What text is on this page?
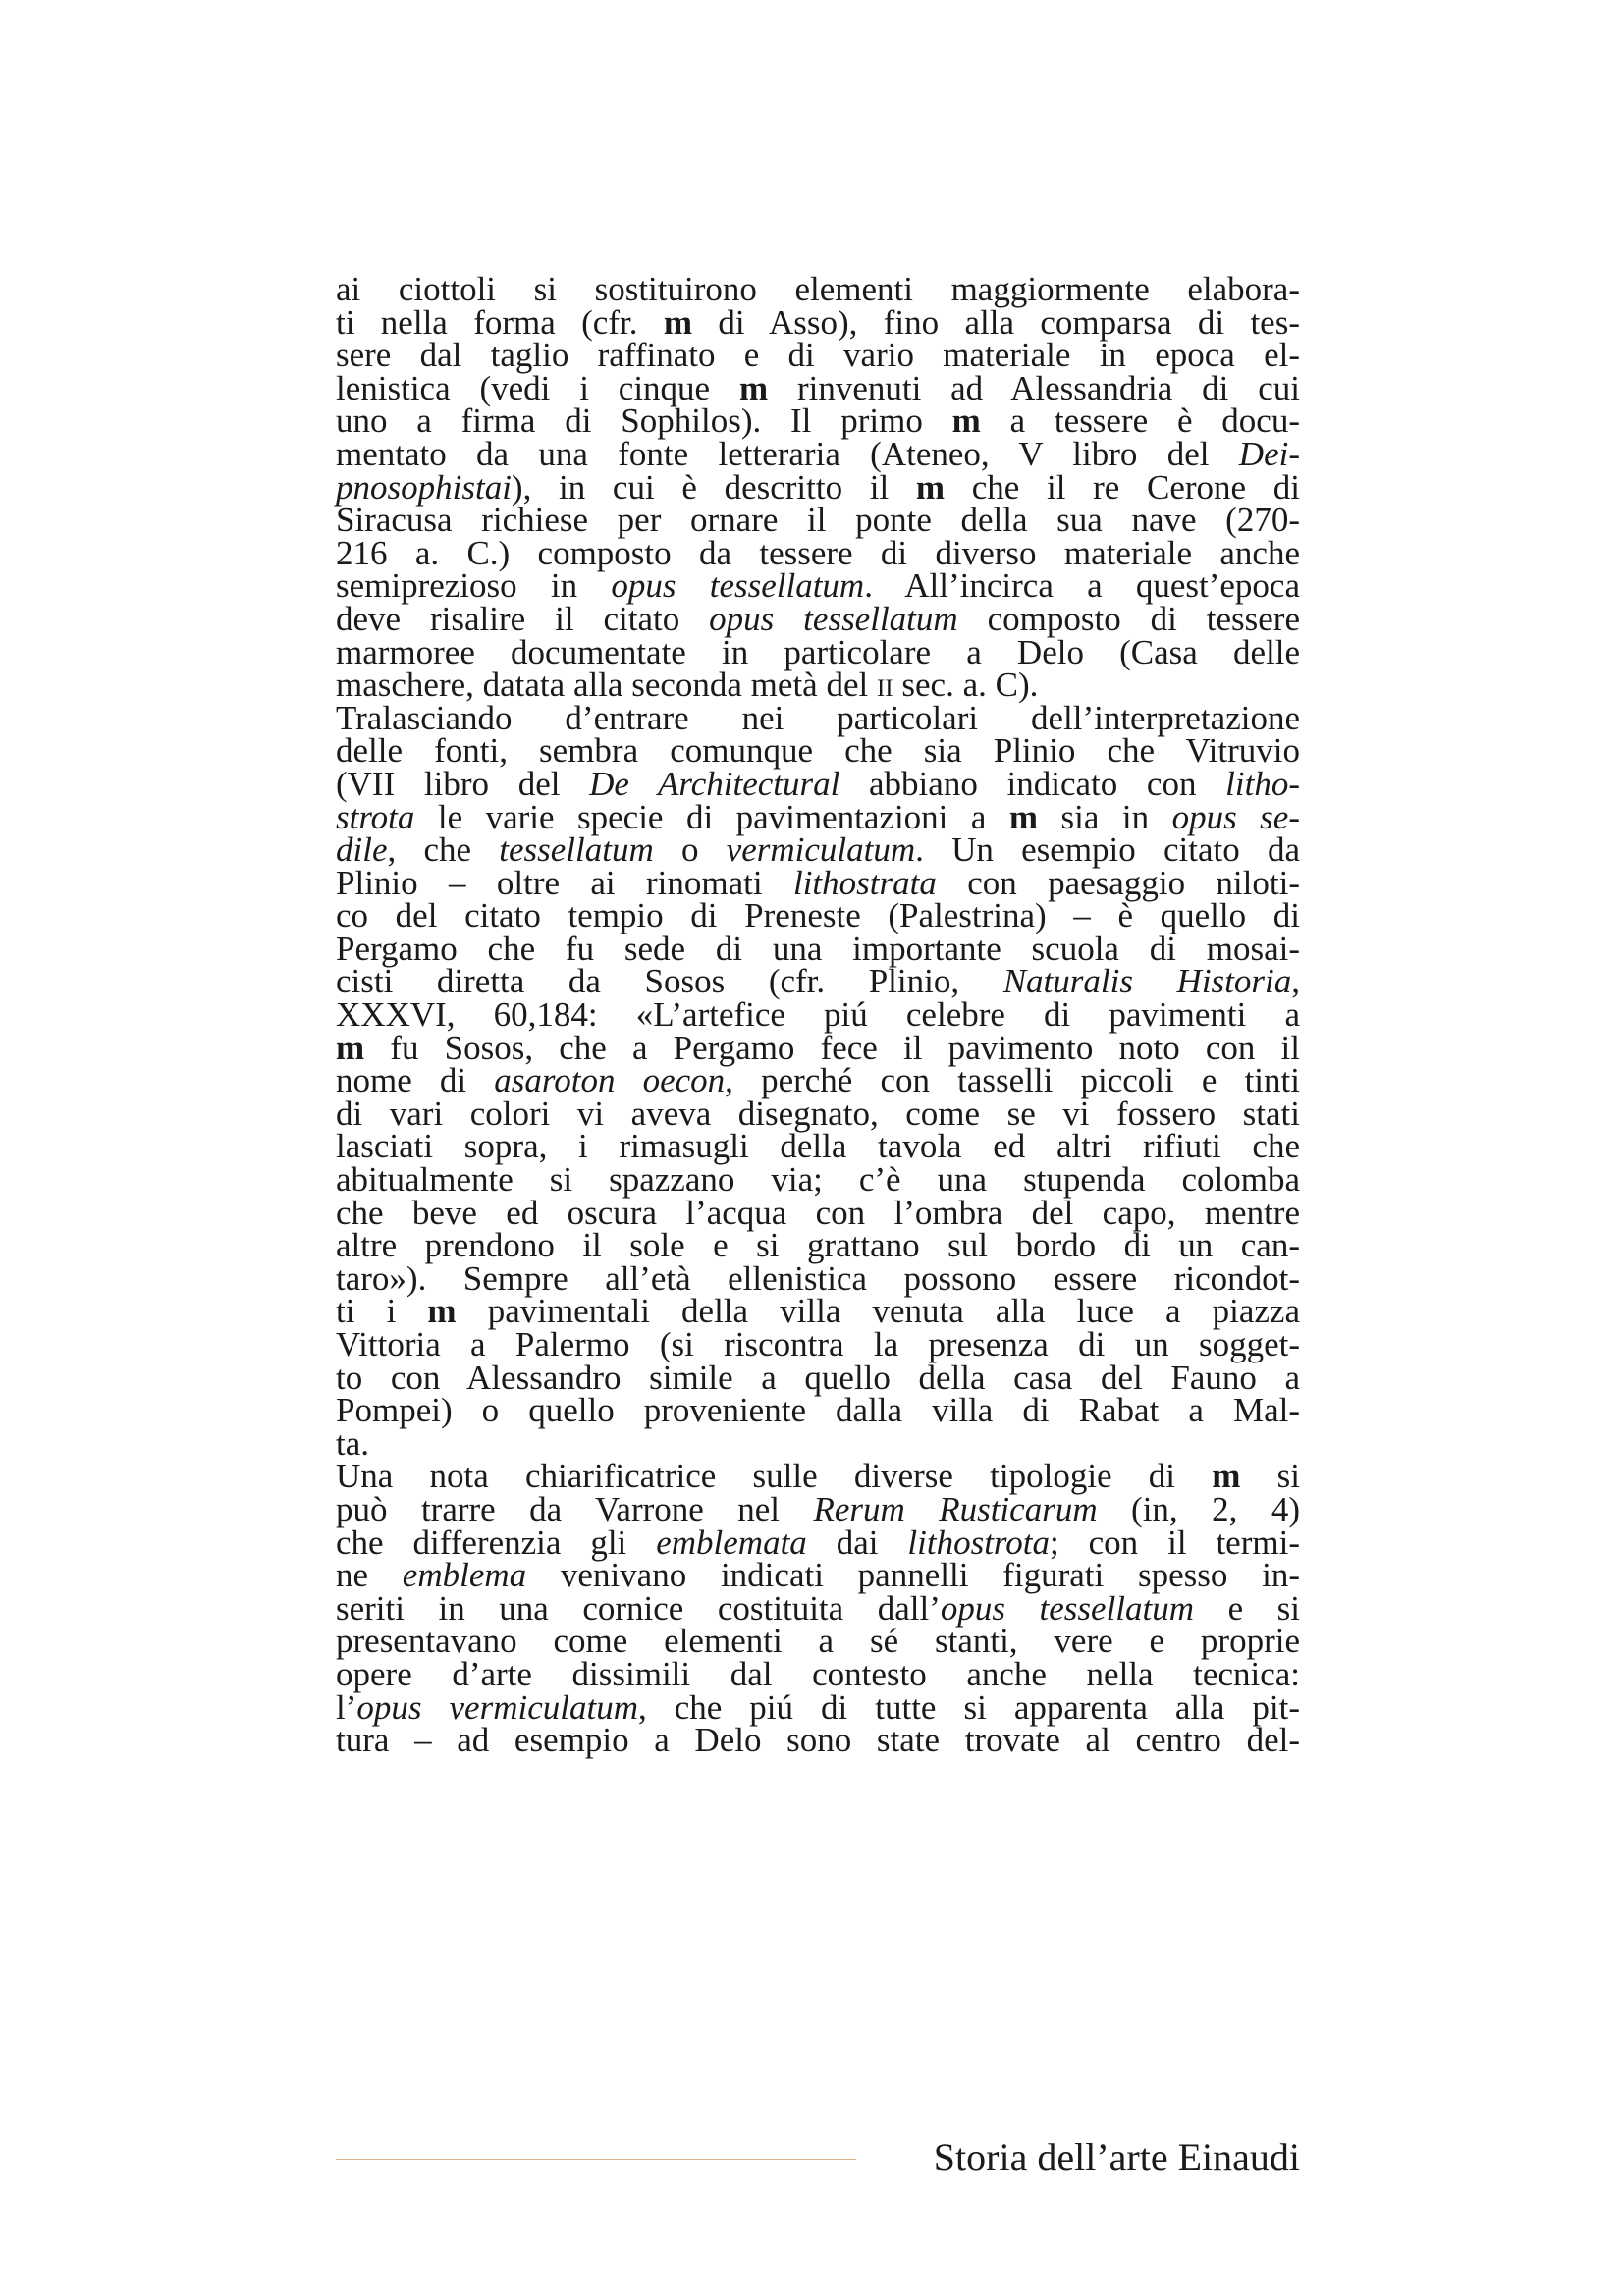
ai ciottoli si sostituirono elementi maggiormente elabora-
ti nella forma (cfr. m di Asso), fino alla comparsa di tes-
sere dal taglio raffinato e di vario materiale in epoca el-
lenistica (vedi i cinque m rinvenuti ad Alessandria di cui
uno a firma di Sophilos). Il primo m a tessere è docu-
mentato da una fonte letteraria (Ateneo, V libro del Dei-
pnosophistai), in cui è descritto il m che il re Cerone di
Siracusa richiese per ornare il ponte della sua nave (270-
216 a. C.) composto da tessere di diverso materiale anche
semiprezioso in opus tessellatum. All’incirca a quest’epoca
deve risalire il citato opus tessellatum composto di tessere
marmoree documentate in particolare a Delo (Casa delle
maschere, datata alla seconda metà del ii sec. a. C).
Tralasciando d’entrare nei particolari dell’interpretazione
delle fonti, sembra comunque che sia Plinio che Vitruvio
(VII libro del De Architectural abbiano indicato con litho-
strota le varie specie di pavimentazioni a m sia in opus se-
dile, che tessellatum o vermiculatum. Un esempio citato da
Plinio – oltre ai rinomati lithostrata con paesaggio niloti-
co del citato tempio di Preneste (Palestrina) – è quello di
Pergamo che fu sede di una importante scuola di mosai-
cisti diretta da Sosos (cfr. Plinio, Naturalis Historia,
XXXVI, 60,184: «L’artefice piú celebre di pavimenti a
m fu Sosos, che a Pergamo fece il pavimento noto con il
nome di asaroton oecon, perché con tasselli piccoli e tinti
di vari colori vi aveva disegnato, come se vi fossero stati
lasciati sopra, i rimasugli della tavola ed altri rifiuti che
abitualmente si spazzano via; c’è una stupenda colomba
che beve ed oscura l’acqua con l’ombra del capo, mentre
altre prendono il sole e si grattano sul bordo di un can-
taro»). Sempre all’età ellenistica possono essere ricondot-
ti i m pavimentali della villa venuta alla luce a piazza
Vittoria a Palermo (si riscontra la presenza di un sogget-
to con Alessandro simile a quello della casa del Fauno a
Pompei) o quello proveniente dalla villa di Rabat a Mal-
ta.
Una nota chiarificatrice sulle diverse tipologie di m si
può trarre da Varrone nel Rerum Rusticarum (in, 2, 4)
che differenzia gli emblemata dai lithostrota; con il termi-
ne emblema venivano indicati pannelli figurati spesso in-
seriti in una cornice costituita dall’opus tessellatum e si
presentavano come elementi a sé stanti, vere e proprie
opere d’arte dissimili dal contesto anche nella tecnica:
l’opus vermiculatum, che piú di tutte si apparenta alla pit-
tura – ad esempio a Delo sono state trovate al centro del-
Storia dell’arte Einaudi
